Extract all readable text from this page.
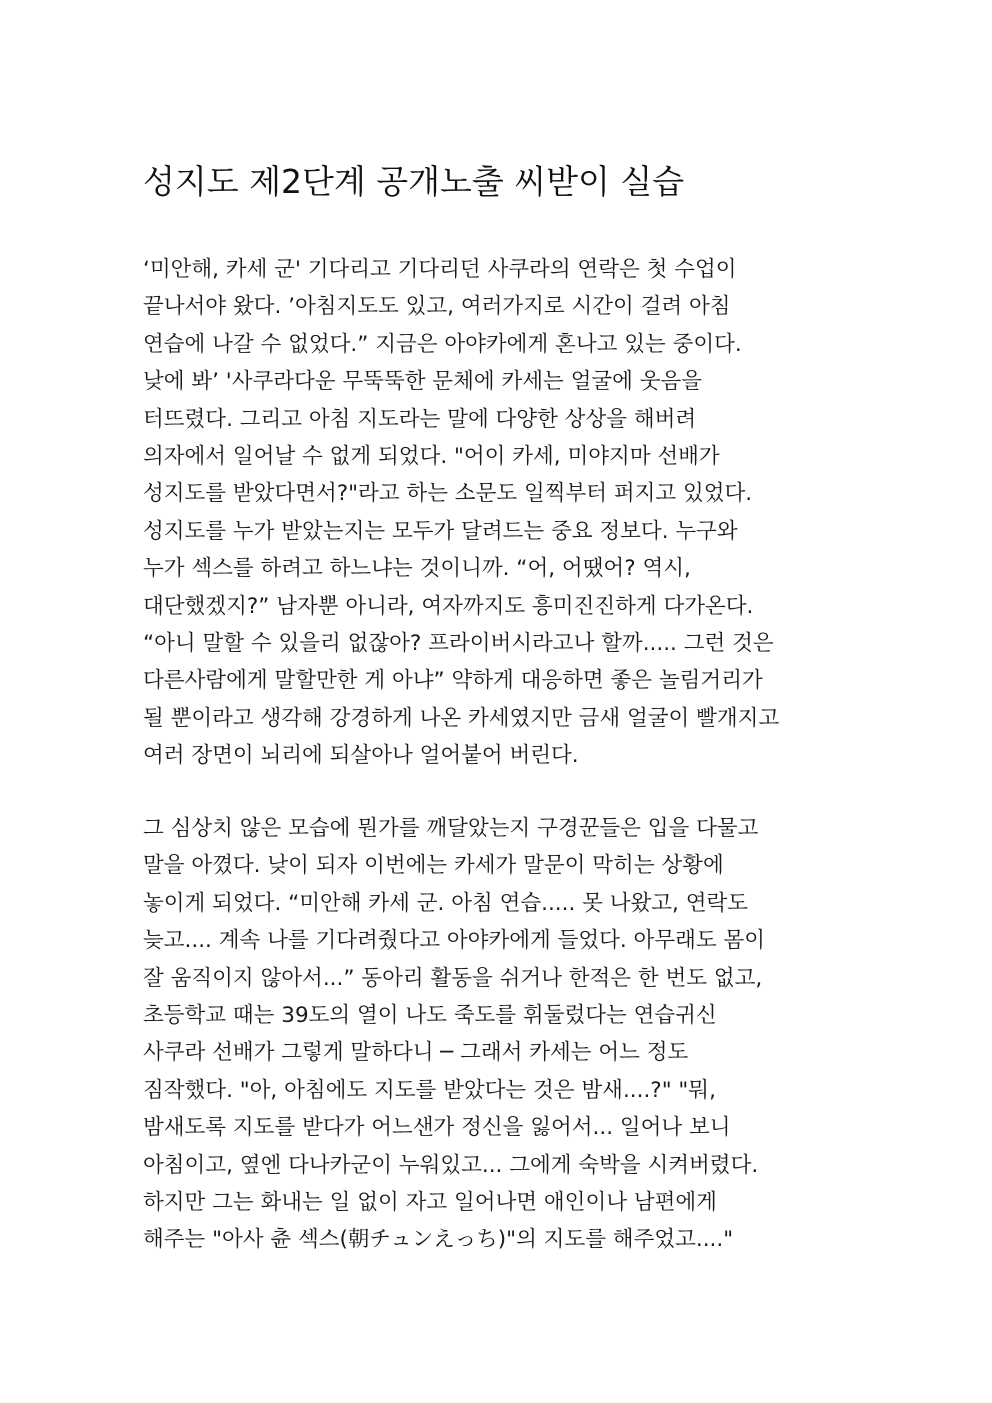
성지도 제2단계 공개노출 씨받이 실습
‘미안해, 카세 군' 기다리고 기다리던 사쿠라의 연락은 첫 수업이
끝나서야 왔다. ’아침지도도 있고, 여러가지로 시간이 걸려 아침
연습에 나갈 수 없었다.” 지금은 아야카에게 혼나고 있는 중이다.
낮에 봐’ '사쿠라다운 무뚝뚝한 문체에 카세는 얼굴에 웃음을
터뜨렸다. 그리고 아침 지도라는 말에 다양한 상상을 해버려
의자에서 일어날 수 없게 되었다. "어이 카세, 미야지마 선배가
성지도를 받았다면서?"라고 하는 소문도 일찍부터 퍼지고 있었다.
성지도를 누가 받았는지는 모두가 달려드는 중요 정보다. 누구와
누가 섹스를 하려고 하느냐는 것이니까. “어, 어땠어? 역시,
대단했겠지?” 남자뿐 아니라, 여자까지도 흥미진진하게 다가온다.
“아니 말할 수 있을리 없잖아? 프라이버시라고나 할까..... 그런 것은
다른사람에게 말할만한 게 아냐” 약하게 대응하면 좋은 놀림거리가
될 뿐이라고 생각해 강경하게 나온 카세였지만 금새 얼굴이 빨개지고
여러 장면이 뇌리에 되살아나 얼어붙어 버린다.
그 심상치 않은 모습에 뭔가를 깨달았는지 구경꾼들은 입을 다물고
말을 아꼈다. 낮이 되자 이번에는 카세가 말문이 막히는 상황에
놓이게 되었다. “미안해 카세 군. 아침 연습..... 못 나왔고, 연락도
늦고.... 계속 나를 기다려줬다고 아야카에게 들었다. 아무래도 몸이
잘 움직이지 않아서...” 동아리 활동을 쉬거나 한적은 한 번도 없고,
초등학교 때는 39도의 열이 나도 죽도를 휘둘렀다는 연습귀신
사쿠라 선배가 그렇게 말하다니 ─ 그래서 카세는 어느 정도
짐작했다. "아, 아침에도 지도를 받았다는 것은 밤새....?" "뭐,
밤새도록 지도를 받다가 어느샌가 정신을 잃어서... 일어나 보니
아침이고, 옆엔 다나카군이 누워있고... 그에게 숙박을 시켜버렸다.
하지만 그는 화내는 일 없이 자고 일어나면 애인이나 남편에게
해주는 "아사 츈 섹스(朝チュンえっち)"의 지도를 해주었고...."
